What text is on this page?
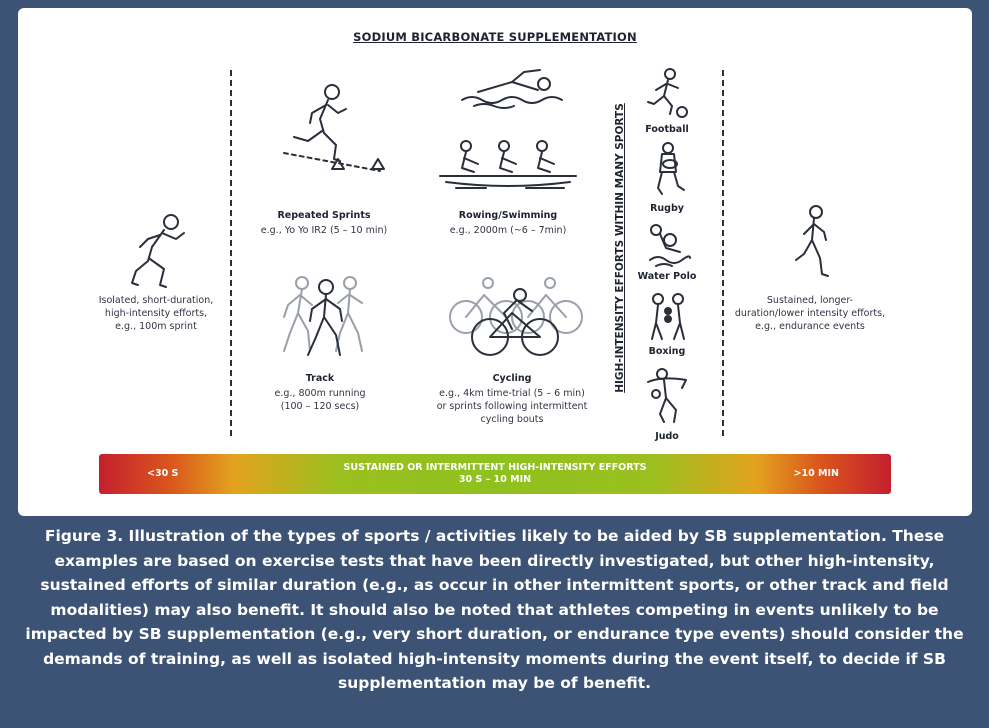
SODIUM BICARBONATE SUPPLEMENTATION
Isolated, short-duration,
high-intensity efforts,
e.g., 100m sprint
Repeated Sprints
e.g., Yo Yo IR2 (5 – 10 min)
Rowing/Swimming
e.g., 2000m (~6 – 7min)
Track
e.g., 800m running
(100 – 120 secs)
Cycling
e.g., 4km time-trial (5 – 6 min)
or sprints following intermittent
cycling bouts
HIGH-INTENSITY EFFORTS WITHIN MANY SPORTS	Football
Rugby
Water Polo
Boxing
Judo
Sustained, longer-
duration/lower intensity efforts,
e.g., endurance events
<30 S
SUSTAINED OR INTERMITTENT HIGH-INTENSITY EFFORTS
30 S – 10 MIN
>10 MIN
Figure 3. Illustration of the types of sports / activities likely to be aided by SB supplementation. These examples are based on exercise tests that have been directly investigated, but other high-intensity, sustained efforts of similar duration (e.g., as occur in other intermittent sports, or other track and field modalities) may also benefit. It should also be noted that athletes competing in events unlikely to be impacted by SB supplementation (e.g., very short duration, or endurance type events) should consider the demands of training, as well as isolated high-intensity moments during the event itself, to decide if SB supplementation may be of benefit.
